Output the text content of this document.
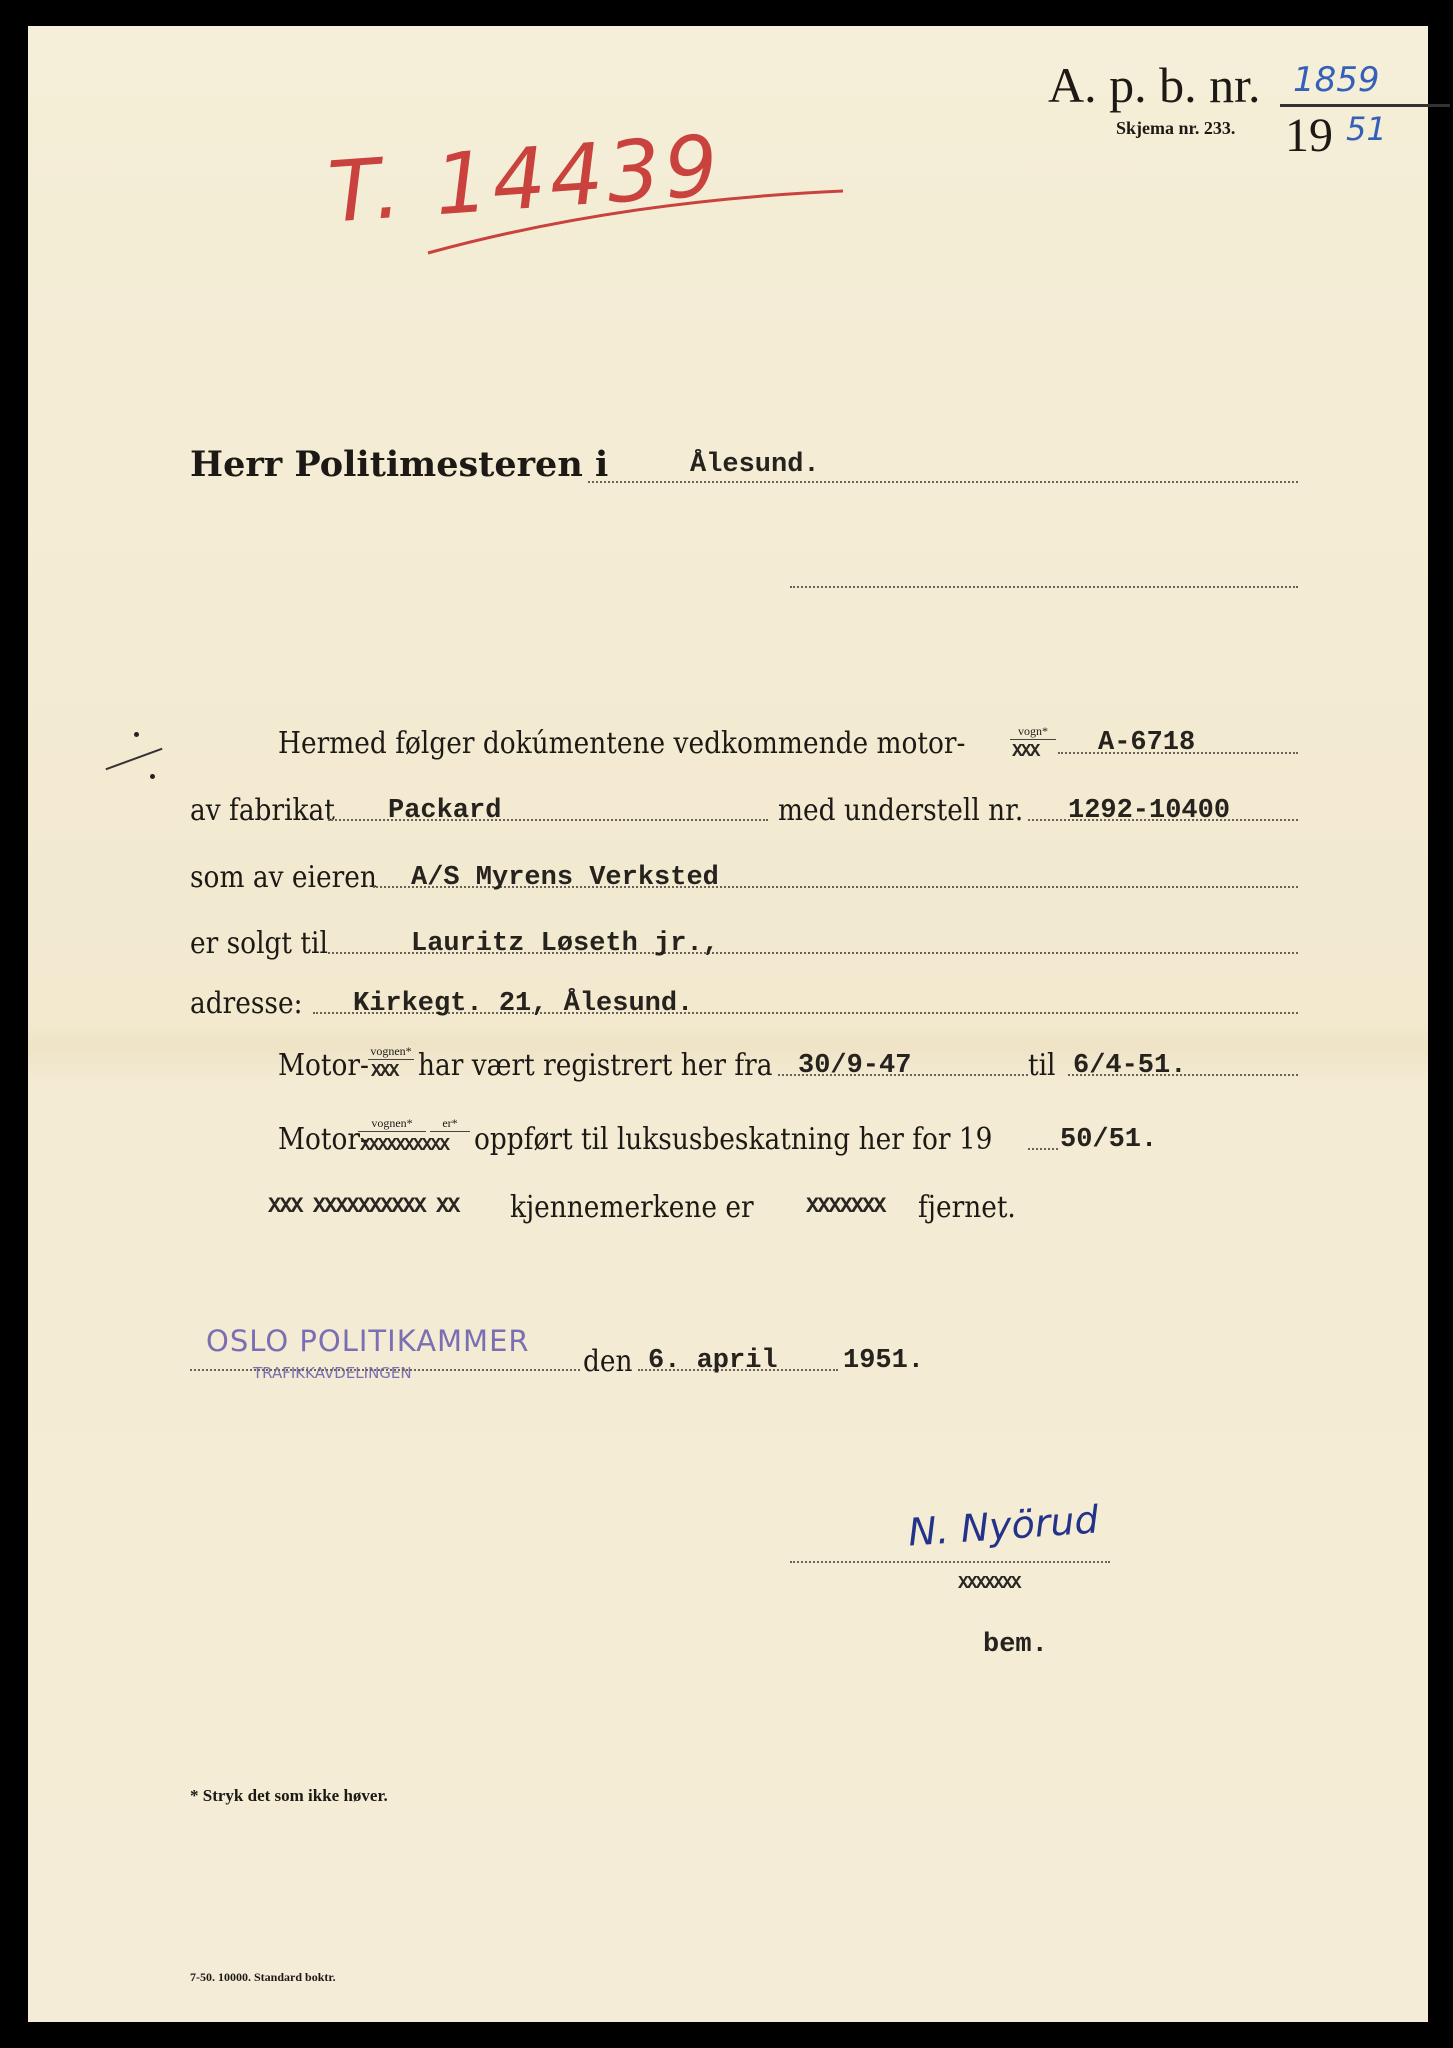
A. p. b. nr. 1859
Skjema nr. 233. 19 51
T. 14439
Herr Politimesteren i	Ålesund.
Hermed følger dokúmentene vedkommende motor-	vogn*
XXX A-6718
av fabrikat Packard	med understell nr. 1292-10400
som av eieren A/S Myrens Verksted
er solgt til	Lauritz Løseth jr.,
adresse: Kirkegt. 21, Ålesund.
Motor- vognen*
XXX har vært registrert her fra 30/9-47	til 6/4-51.
Motor- vognen*	er*
XXXXXXXXXX oppført til luksusbeskatning her for 19	50/51.
XXX XXXXXXXXXX XX kjennemerkene er XXXXXXX fjernet.
OSLO POLITIKAMMER
TRAFIKKAVDELINGEN	den 6. april 1951.
N. Nyörud
XXXXXXX
bem.
* Stryk det som ikke høver.
7-50. 10000. Standard boktr.
